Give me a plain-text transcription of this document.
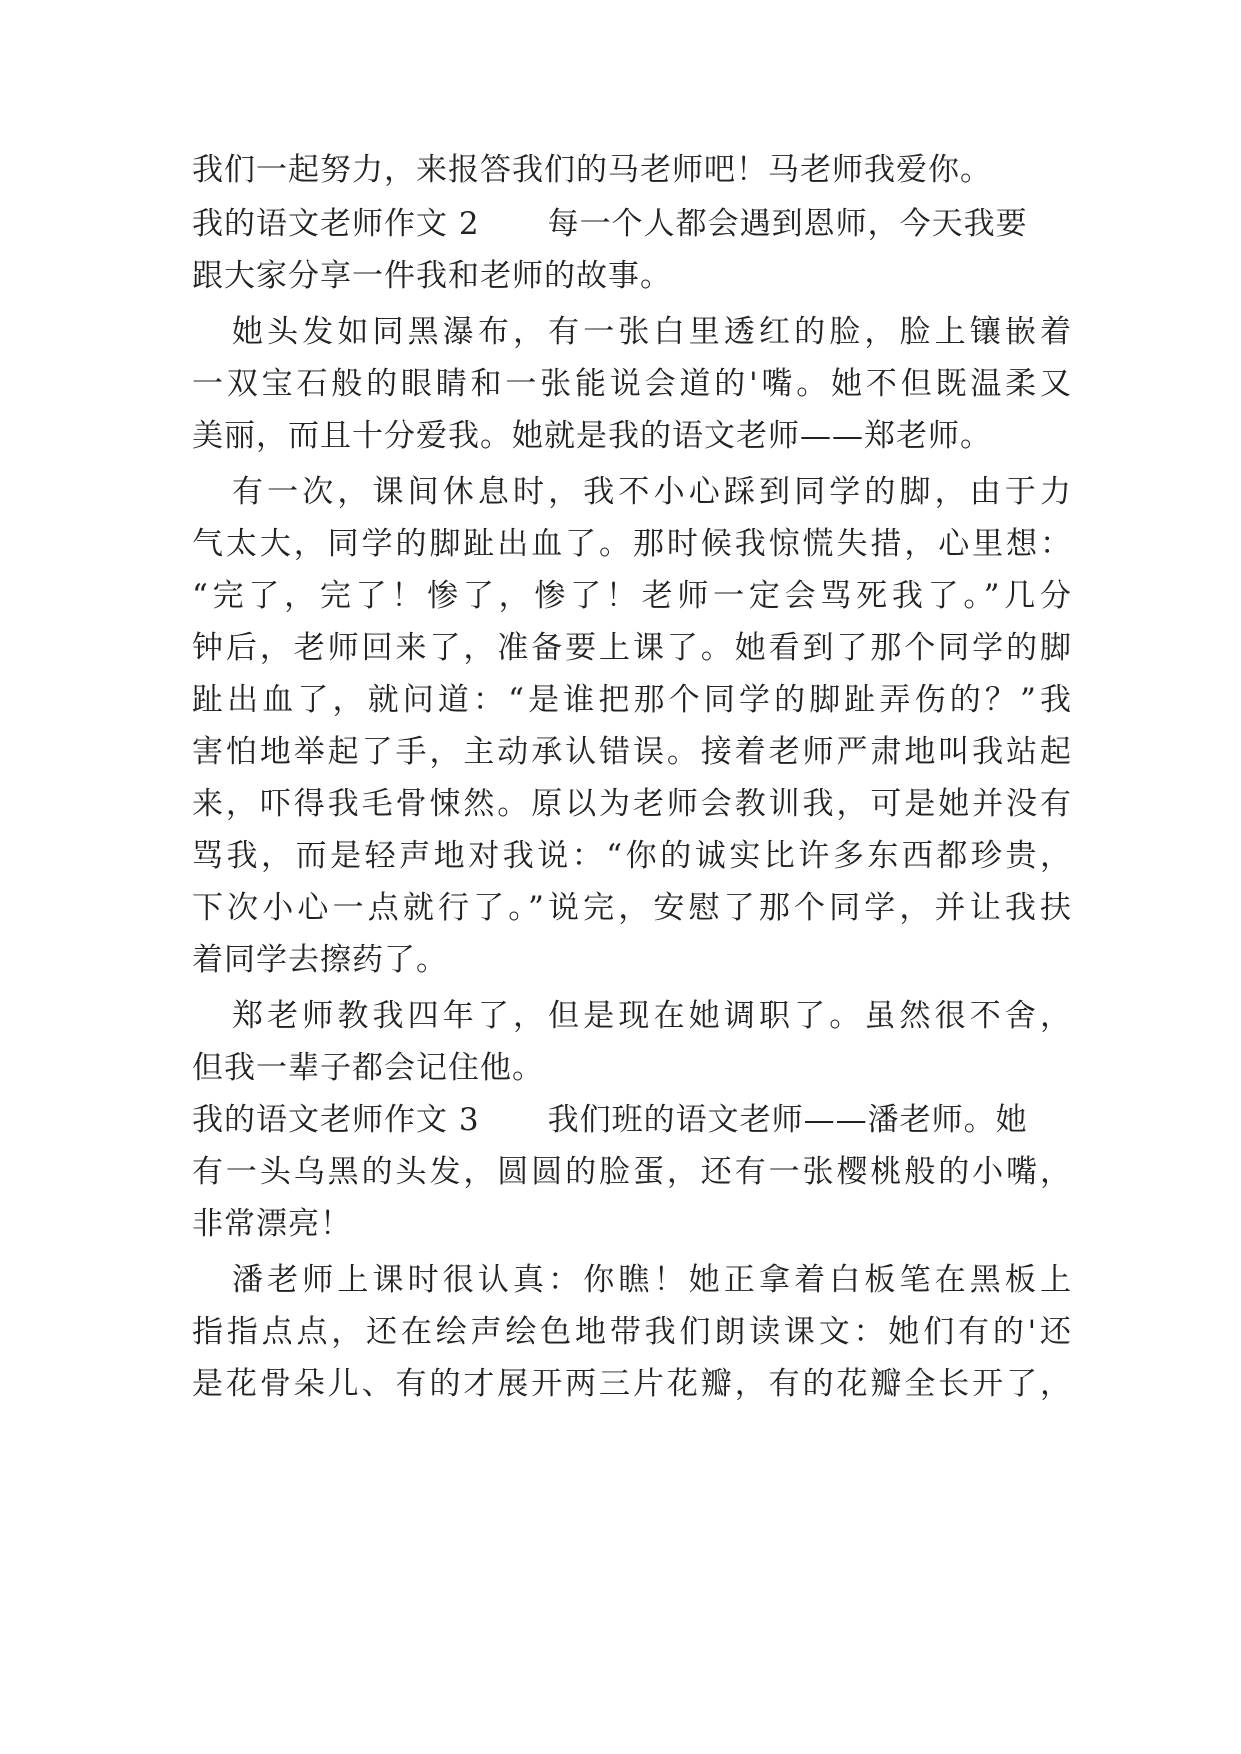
我们一起努力，来报答我们的马老师吧！马老师我爱你。
我的语文老师作文 2 每一个人都会遇到恩师，今天我要
跟大家分享一件我和老师的故事。
她头发如同黑瀑布，有一张白里透红的脸，脸上镶嵌着
一双宝石般的眼睛和一张能说会道的'嘴。她不但既温柔又
美丽，而且十分爱我。她就是我的语文老师——郑老师。
有一次，课间休息时，我不小心踩到同学的脚，由于力
气太大，同学的脚趾出血了。那时候我惊慌失措，心里想：
“完了，完了！惨了，惨了！老师一定会骂死我了。”几分
钟后，老师回来了，准备要上课了。她看到了那个同学的脚
趾出血了，就问道：“是谁把那个同学的脚趾弄伤的？”我
害怕地举起了手，主动承认错误。接着老师严肃地叫我站起
来，吓得我毛骨悚然。原以为老师会教训我，可是她并没有
骂我，而是轻声地对我说：“你的诚实比许多东西都珍贵，
下次小心一点就行了。”说完，安慰了那个同学，并让我扶
着同学去擦药了。
郑老师教我四年了，但是现在她调职了。虽然很不舍，
但我一辈子都会记住他。
我的语文老师作文 3 我们班的语文老师——潘老师。她
有一头乌黑的头发，圆圆的脸蛋，还有一张樱桃般的小嘴，
非常漂亮！
潘老师上课时很认真：你瞧！她正拿着白板笔在黑板上
指指点点，还在绘声绘色地带我们朗读课文：她们有的'还
是花骨朵儿、有的才展开两三片花瓣，有的花瓣全长开了，
